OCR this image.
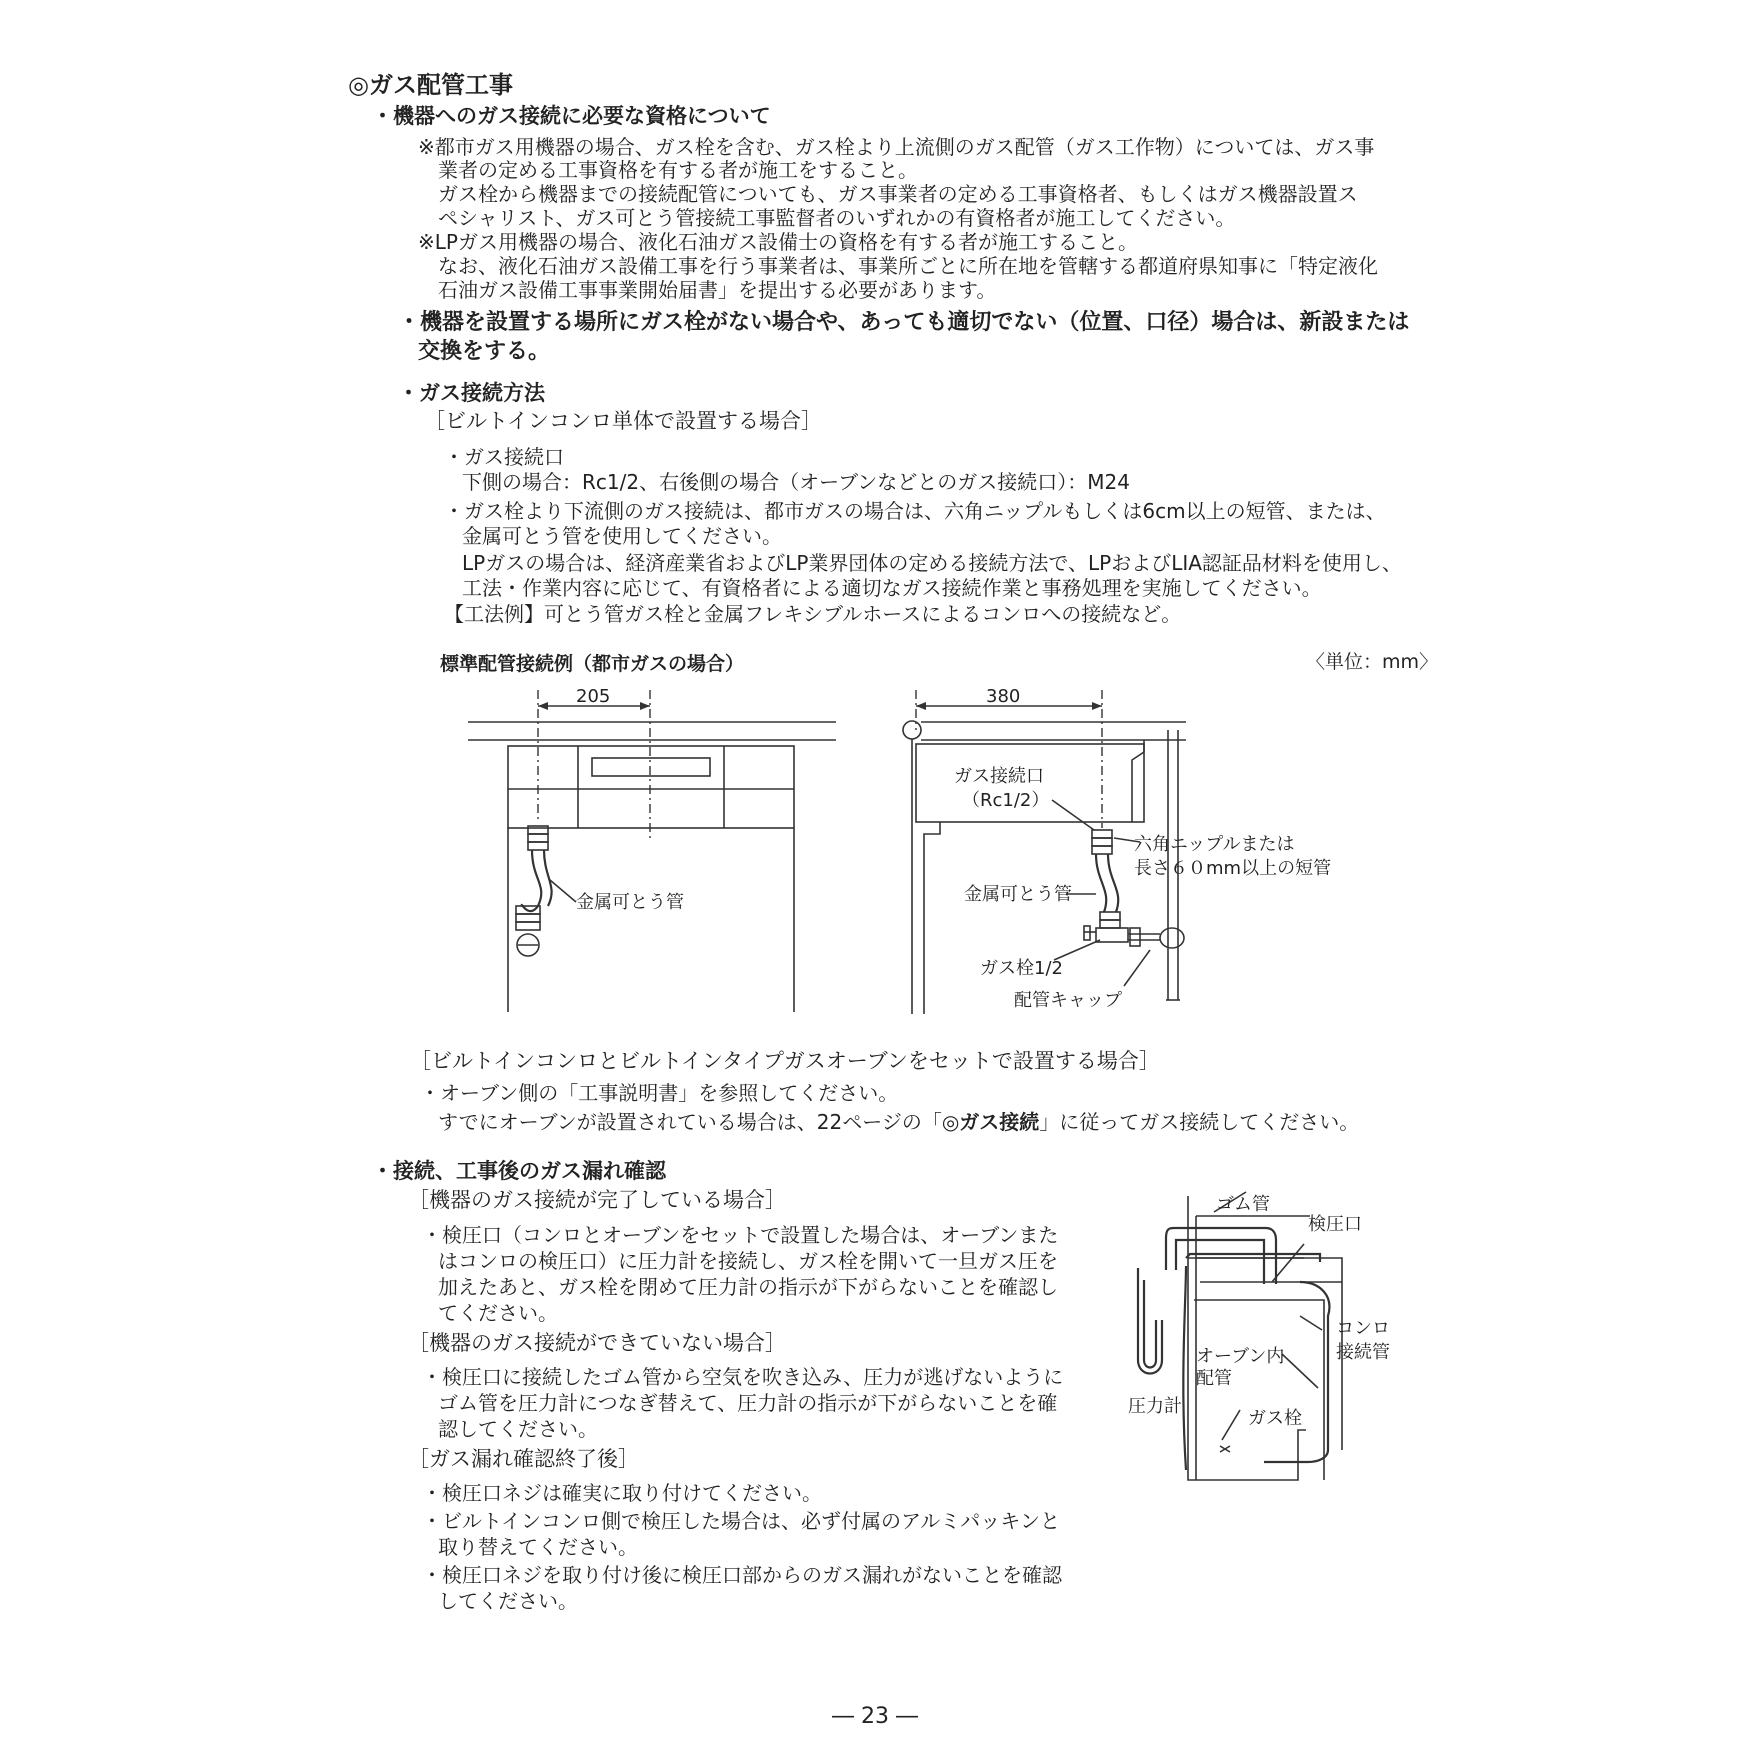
◎ガス配管工事
・機器へのガス接続に必要な資格について
※都市ガス用機器の場合、ガス栓を含む、ガス栓より上流側のガス配管（ガス工作物）については、ガス事
業者の定める工事資格を有する者が施工をすること。
ガス栓から機器までの接続配管についても、ガス事業者の定める工事資格者、もしくはガス機器設置ス
ペシャリスト、ガス可とう管接続工事監督者のいずれかの有資格者が施工してください。
※LPガス用機器の場合、液化石油ガス設備士の資格を有する者が施工すること。
なお、液化石油ガス設備工事を行う事業者は、事業所ごとに所在地を管轄する都道府県知事に「特定液化
石油ガス設備工事事業開始届書」を提出する必要があります。
・機器を設置する場所にガス栓がない場合や、あっても適切でない（位置、口径）場合は、新設または
交換をする。
・ガス接続方法
［ビルトインコンロ単体で設置する場合］
・ガス接続口
下側の場合：Rc1/2、右後側の場合（オーブンなどとのガス接続口）：M24
・ガス栓より下流側のガス接続は、都市ガスの場合は、六角ニップルもしくは6cm以上の短管、または、
金属可とう管を使用してください。
LPガスの場合は、経済産業省およびLP業界団体の定める接続方法で、LPおよびLIA認証品材料を使用し、
工法・作業内容に応じて、有資格者による適切なガス接続作業と事務処理を実施してください。
【工法例】可とう管ガス栓と金属フレキシブルホースによるコンロへの接続など。
標準配管接続例（都市ガスの場合）	〈単位：mm〉
205	380
金属可とう管
ガス接続口
（Rc1/2）
六角ニップルまたは
長さ６０mm以上の短管
金属可とう管
ガス栓1/2
配管キャップ
［ビルトインコンロとビルトインタイプガスオーブンをセットで設置する場合］
・オーブン側の「工事説明書」を参照してください。
すでにオーブンが設置されている場合は、22ページの「◎ガス接続」に従ってガス接続してください。
・接続、工事後のガス漏れ確認
［機器のガス接続が完了している場合］
・検圧口（コンロとオーブンをセットで設置した場合は、オーブンまた
はコンロの検圧口）に圧力計を接続し、ガス栓を開いて一旦ガス圧を
加えたあと、ガス栓を閉めて圧力計の指示が下がらないことを確認し
てください。
［機器のガス接続ができていない場合］
・検圧口に接続したゴム管から空気を吹き込み、圧力が逃げないように
ゴム管を圧力計につなぎ替えて、圧力計の指示が下がらないことを確
認してください。
［ガス漏れ確認終了後］
・検圧口ネジは確実に取り付けてください。
・ビルトインコンロ側で検圧した場合は、必ず付属のアルミパッキンと
取り替えてください。
・検圧口ネジを取り付け後に検圧口部からのガス漏れがないことを確認
してください。
ゴム管
検圧口
コンロ
接続管
オーブン内
配管
圧力計
ガス栓
― 23 ―
